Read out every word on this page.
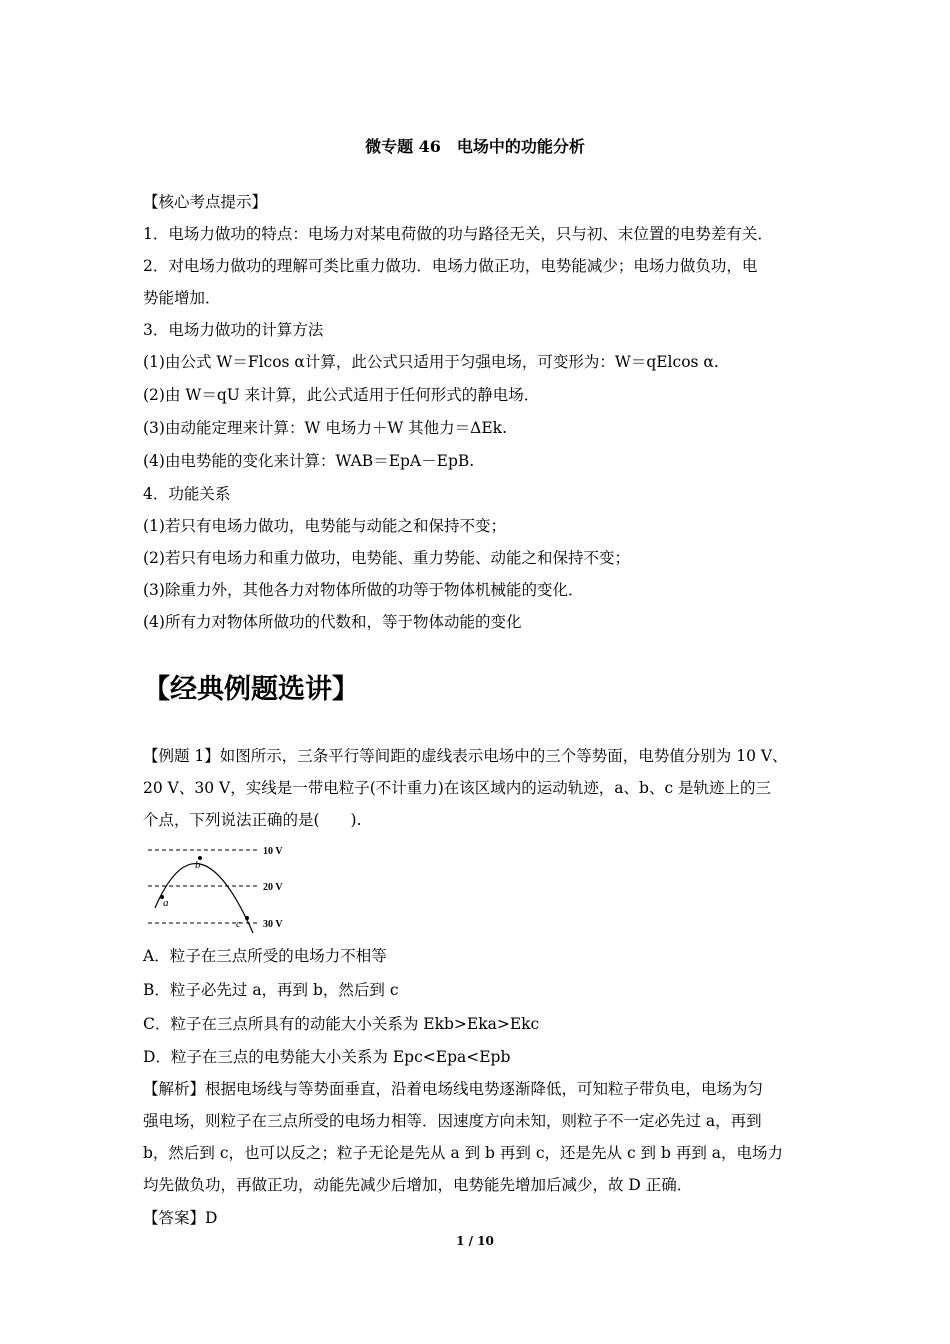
微专题 46　电场中的功能分析
【核心考点提示】
1．电场力做功的特点：电场力对某电荷做的功与路径无关，只与初、末位置的电势差有关．
2．对电场力做功的理解可类比重力做功．电场力做正功，电势能减少；电场力做负功，电
势能增加．
3．电场力做功的计算方法
(1)由公式 W＝Flcos α计算，此公式只适用于匀强电场，可变形为：W＝qElcos α.
(2)由 W＝qU 来计算，此公式适用于任何形式的静电场．
(3)由动能定理来计算：W 电场力＋W 其他力＝ΔEk.
(4)由电势能的变化来计算：WAB＝EpA－EpB.
4．功能关系
(1)若只有电场力做功，电势能与动能之和保持不变；
(2)若只有电场力和重力做功，电势能、重力势能、动能之和保持不变；
(3)除重力外，其他各力对物体所做的功等于物体机械能的变化．
(4)所有力对物体所做功的代数和，等于物体动能的变化
【经典例题选讲】
【例题 1】如图所示，三条平行等间距的虚线表示电场中的三个等势面，电势值分别为 10 V、
20 V、30 V，实线是一带电粒子(不计重力)在该区域内的运动轨迹，a、b、c 是轨迹上的三
个点，下列说法正确的是(　　).
a
b
c
10 V
20 V
30 V
A．粒子在三点所受的电场力不相等
B．粒子必先过 a，再到 b，然后到 c
C．粒子在三点所具有的动能大小关系为 Ekb>Eka>Ekc
D．粒子在三点的电势能大小关系为 Epc<Epa<Epb
【解析】根据电场线与等势面垂直，沿着电场线电势逐渐降低，可知粒子带负电，电场为匀
强电场，则粒子在三点所受的电场力相等．因速度方向未知，则粒子不一定必先过 a，再到
b，然后到 c，也可以反之；粒子无论是先从 a 到 b 再到 c，还是先从 c 到 b 再到 a，电场力
均先做负功，再做正功，动能先减少后增加，电势能先增加后减少，故 D 正确．
【答案】D
1 / 10
